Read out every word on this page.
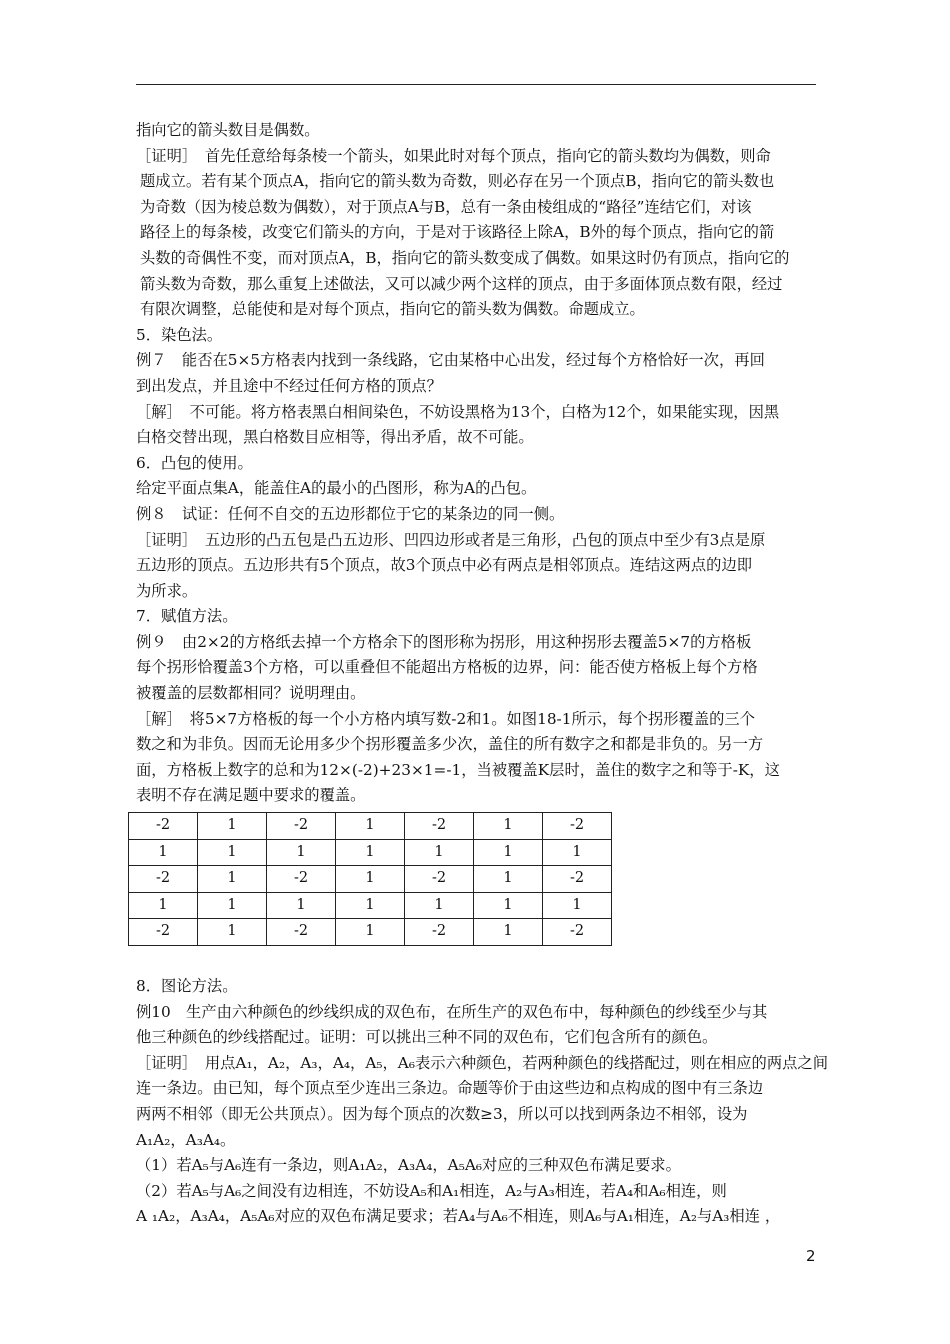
指向它的箭头数目是偶数。
［证明］　首先任意给每条棱一个箭头，如果此时对每个顶点，指向它的箭头数均为偶数，则命
题成立。若有某个顶点A，指向它的箭头数为奇数，则必存在另一个顶点B，指向它的箭头数也
为奇数（因为棱总数为偶数），对于顶点A与B，总有一条由棱组成的“路径”连结它们，对该
路径上的每条棱，改变它们箭头的方向，于是对于该路径上除A，B外的每个顶点，指向它的箭
头数的奇偶性不变，而对顶点A，B，指向它的箭头数变成了偶数。如果这时仍有顶点，指向它的
箭头数为奇数，那么重复上述做法，又可以减少两个这样的顶点，由于多面体顶点数有限，经过
有限次调整，总能使和是对每个顶点，指向它的箭头数为偶数。命题成立。
5．染色法。
例７　能否在5×5方格表内找到一条线路，它由某格中心出发，经过每个方格恰好一次，再回
到出发点，并且途中不经过任何方格的顶点？
［解］　不可能。将方格表黑白相间染色，不妨设黑格为13个，白格为12个，如果能实现，因黑
白格交替出现，黑白格数目应相等，得出矛盾，故不可能。
6．凸包的使用。
给定平面点集A，能盖住A的最小的凸图形，称为A的凸包。
例８　试证：任何不自交的五边形都位于它的某条边的同一侧。
［证明］　五边形的凸五包是凸五边形、凹四边形或者是三角形，凸包的顶点中至少有3点是原
五边形的顶点。五边形共有5个顶点，故3个顶点中必有两点是相邻顶点。连结这两点的边即
为所求。
7．赋值方法。
例９　由2×2的方格纸去掉一个方格余下的图形称为拐形，用这种拐形去覆盖5×7的方格板
每个拐形恰覆盖3个方格，可以重叠但不能超出方格板的边界，问：能否使方格板上每个方格
被覆盖的层数都相同？说明理由。
［解］　将5×7方格板的每一个小方格内填写数-2和1。如图18-1所示，每个拐形覆盖的三个
数之和为非负。因而无论用多少个拐形覆盖多少次，盖住的所有数字之和都是非负的。另一方
面，方格板上数字的总和为12×(-2)+23×1=-1，当被覆盖K层时，盖住的数字之和等于-K，这
表明不存在满足题中要求的覆盖。
-2	1	-2	1	-2	1	-2
1	1	1	1	1	1	1
-2	1	-2	1	-2	1	-2
1	1	1	1	1	1	1
-2	1	-2	1	-2	1	-2
8．图论方法。
例10　生产由六种颜色的纱线织成的双色布，在所生产的双色布中，每种颜色的纱线至少与其
他三种颜色的纱线搭配过。证明：可以挑出三种不同的双色布，它们包含所有的颜色。
［证明］　用点A₁，A₂，A₃，A₄，A₅，A₆表示六种颜色，若两种颜色的线搭配过，则在相应的两点之间
连一条边。由已知，每个顶点至少连出三条边。命题等价于由这些边和点构成的图中有三条边
两两不相邻（即无公共顶点）。因为每个顶点的次数≥3，所以可以找到两条边不相邻，设为
A₁A₂，A₃A₄。
（1）若A₅与A₆连有一条边，则A₁A₂，A₃A₄，A₅A₆对应的三种双色布满足要求。
（2）若A₅与A₆之间没有边相连，不妨设A₅和A₁相连，A₂与A₃相连，若A₄和A₆相连，则
A ₁A₂，A₃A₄，A₅A₆对应的双色布满足要求；若A₄与A₆不相连，则A₆与A₁相连，A₂与A₃相连 ，
2
